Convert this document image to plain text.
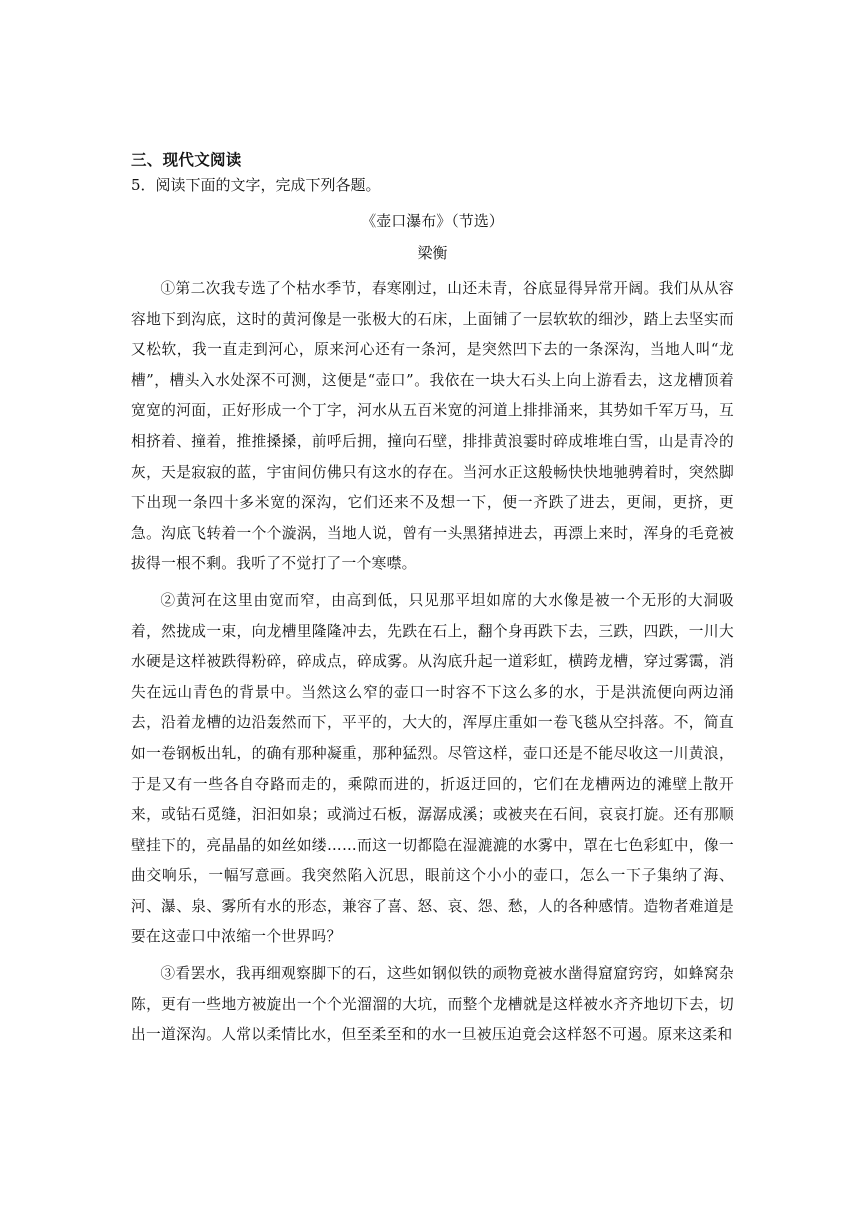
三、现代文阅读

5．阅读下面的文字，完成下列各题。

《壶口瀑布》（节选）

梁衡

①第二次我专选了个枯水季节，春寒刚过，山还未青，谷底显得异常开阔。我们从从容容地下到沟底，这时的黄河像是一张极大的石床，上面铺了一层软软的细沙，踏上去坚实而又松软，我一直走到河心，原来河心还有一条河，是突然凹下去的一条深沟，当地人叫“龙槽”，槽头入水处深不可测，这便是“壶口”。我依在一块大石头上向上游看去，这龙槽顶着宽宽的河面，正好形成一个丁字，河水从五百米宽的河道上排排涌来，其势如千军万马，互相挤着、撞着，推推搡搡，前呼后拥，撞向石壁，排排黄浪霎时碎成堆堆白雪，山是青冷的灰，天是寂寂的蓝，宇宙间仿佛只有这水的存在。当河水正这般畅快快地驰骋着时，突然脚下出现一条四十多米宽的深沟，它们还来不及想一下，便一齐跌了进去，更闹，更挤，更急。沟底飞转着一个个漩涡，当地人说，曾有一头黑猪掉进去，再漂上来时，浑身的毛竟被拔得一根不剩。我听了不觉打了一个寒噤。

②黄河在这里由宽而窄，由高到低，只见那平坦如席的大水像是被一个无形的大洞吸着，然拢成一束，向龙槽里隆隆冲去，先跌在石上，翻个身再跌下去，三跌，四跌，一川大水硬是这样被跌得粉碎，碎成点，碎成雾。从沟底升起一道彩虹，横跨龙槽，穿过雾霭，消失在远山青色的背景中。当然这么窄的壶口一时容不下这么多的水，于是洪流便向两边涌去，沿着龙槽的边沿轰然而下，平平的，大大的，浑厚庄重如一卷飞毯从空抖落。不，简直如一卷钢板出轧，的确有那种凝重，那种猛烈。尽管这样，壶口还是不能尽收这一川黄浪，于是又有一些各自夺路而走的，乘隙而进的，折返迂回的，它们在龙槽两边的滩壁上散开来，或钻石觅缝，汩汩如泉；或淌过石板，潺潺成溪；或被夹在石间，哀哀打旋。还有那顺壁挂下的，亮晶晶的如丝如缕……而这一切都隐在湿漉漉的水雾中，罩在七色彩虹中，像一曲交响乐，一幅写意画。我突然陷入沉思，眼前这个小小的壶口，怎么一下子集纳了海、河、瀑、泉、雾所有水的形态，兼容了喜、怒、哀、怨、愁，人的各种感情。造物者难道是要在这壶口中浓缩一个世界吗？

③看罢水，我再细观察脚下的石，这些如钢似铁的顽物竟被水凿得窟窟窍窍，如蜂窝杂陈，更有一些地方被旋出一个个光溜溜的大坑，而整个龙槽就是这样被水齐齐地切下去，切出一道深沟。人常以柔情比水，但至柔至和的水一旦被压迫竟会这样怒不可遏。原来这柔和
